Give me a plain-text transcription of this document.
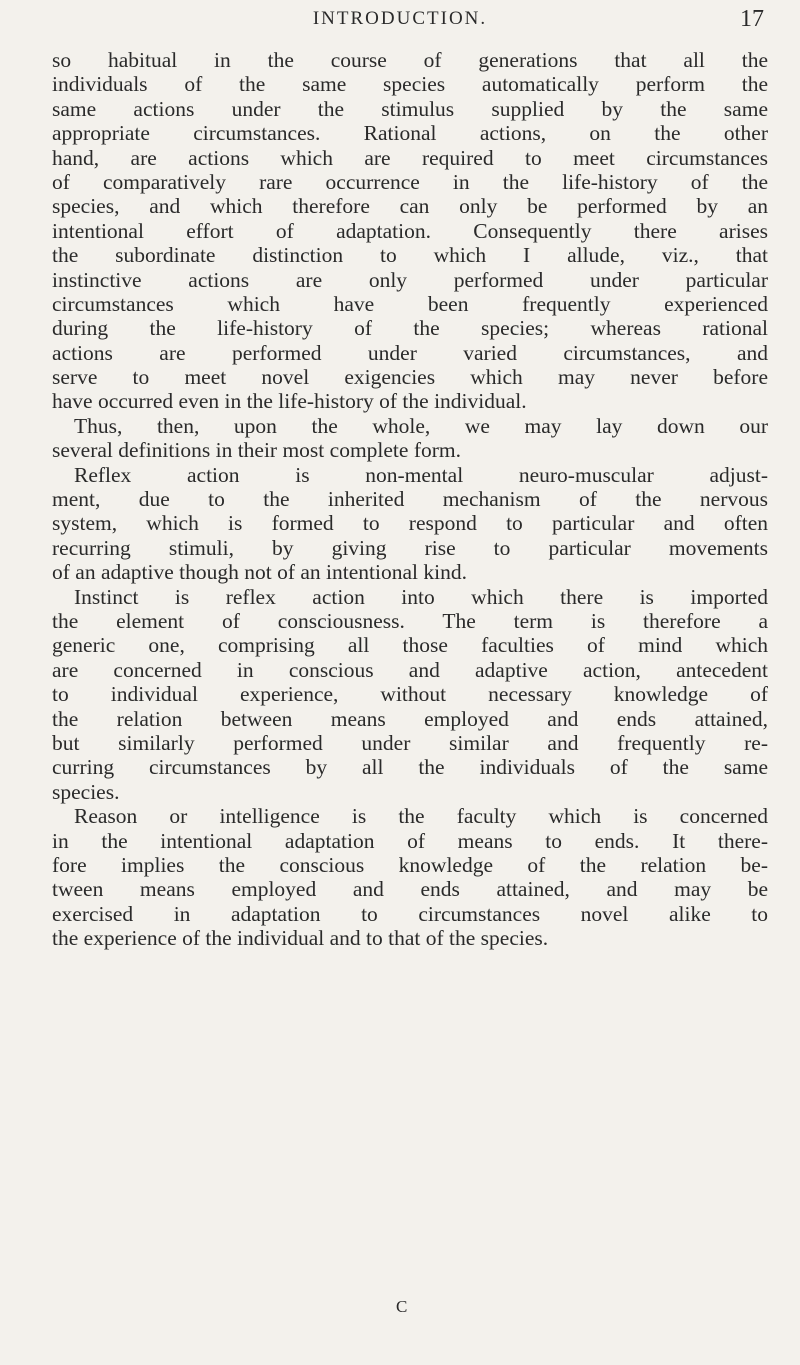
INTRODUCTION.	17

so habitual in the course of generations that all the
individuals of the same species automatically perform the
same actions under the stimulus supplied by the same
appropriate circumstances. Rational actions, on the other
hand, are actions which are required to meet circumstances
of comparatively rare occurrence in the life-history of the
species, and which therefore can only be performed by an
intentional effort of adaptation. Consequently there arises
the subordinate distinction to which I allude, viz., that
instinctive actions are only performed under particular
circumstances which have been frequently experienced
during the life-history of the species; whereas rational
actions are performed under varied circumstances, and
serve to meet novel exigencies which may never before
have occurred even in the life-history of the individual.

Thus, then, upon the whole, we may lay down our
several definitions in their most complete form.

Reflex action is non-mental neuro-muscular adjust-
ment, due to the inherited mechanism of the nervous
system, which is formed to respond to particular and often
recurring stimuli, by giving rise to particular movements
of an adaptive though not of an intentional kind.

Instinct is reflex action into which there is imported
the element of consciousness. The term is therefore a
generic one, comprising all those faculties of mind which
are concerned in conscious and adaptive action, antecedent
to individual experience, without necessary knowledge of
the relation between means employed and ends attained,
but similarly performed under similar and frequently re-
curring circumstances by all the individuals of the same
species.

Reason or intelligence is the faculty which is concerned
in the intentional adaptation of means to ends. It there-
fore implies the conscious knowledge of the relation be-
tween means employed and ends attained, and may be
exercised in adaptation to circumstances novel alike to
the experience of the individual and to that of the species.

C
